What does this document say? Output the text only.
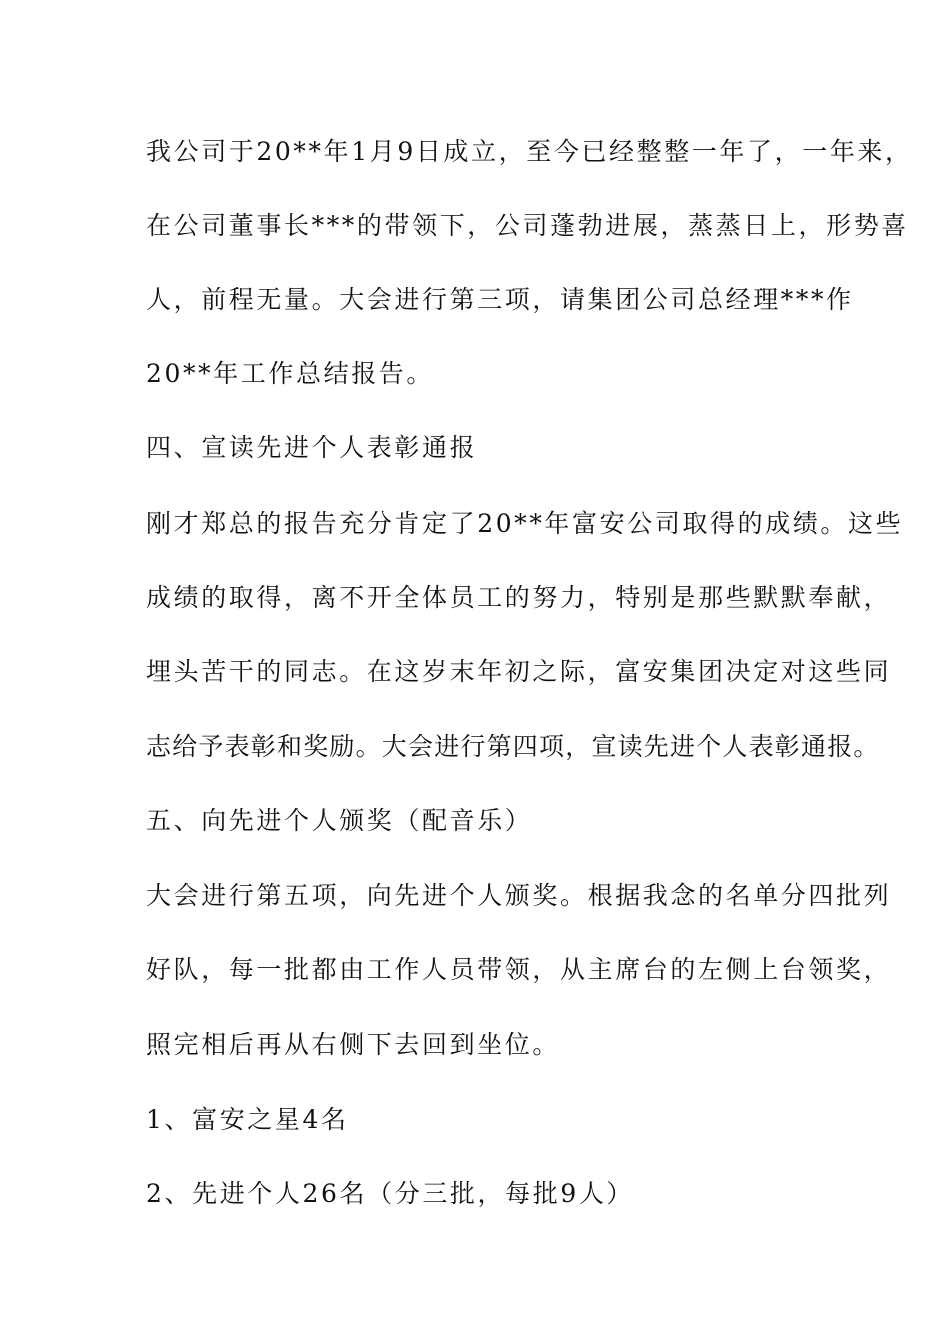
我公司于20**年1月9日成立，至今已经整整一年了，一年来，
在公司董事长***的带领下，公司蓬勃进展，蒸蒸日上，形势喜
人，前程无量。大会进行第三项，请集团公司总经理***作
20**年工作总结报告。
四、宣读先进个人表彰通报
刚才郑总的报告充分肯定了20**年富安公司取得的成绩。这些
成绩的取得，离不开全体员工的努力，特别是那些默默奉献，
埋头苦干的同志。在这岁末年初之际，富安集团决定对这些同
志给予表彰和奖励。大会进行第四项，宣读先进个人表彰通报。
五、向先进个人颁奖（配音乐）
大会进行第五项，向先进个人颁奖。根据我念的名单分四批列
好队，每一批都由工作人员带领，从主席台的左侧上台领奖，
照完相后再从右侧下去回到坐位。
1、富安之星4名
2、先进个人26名（分三批，每批9人）
